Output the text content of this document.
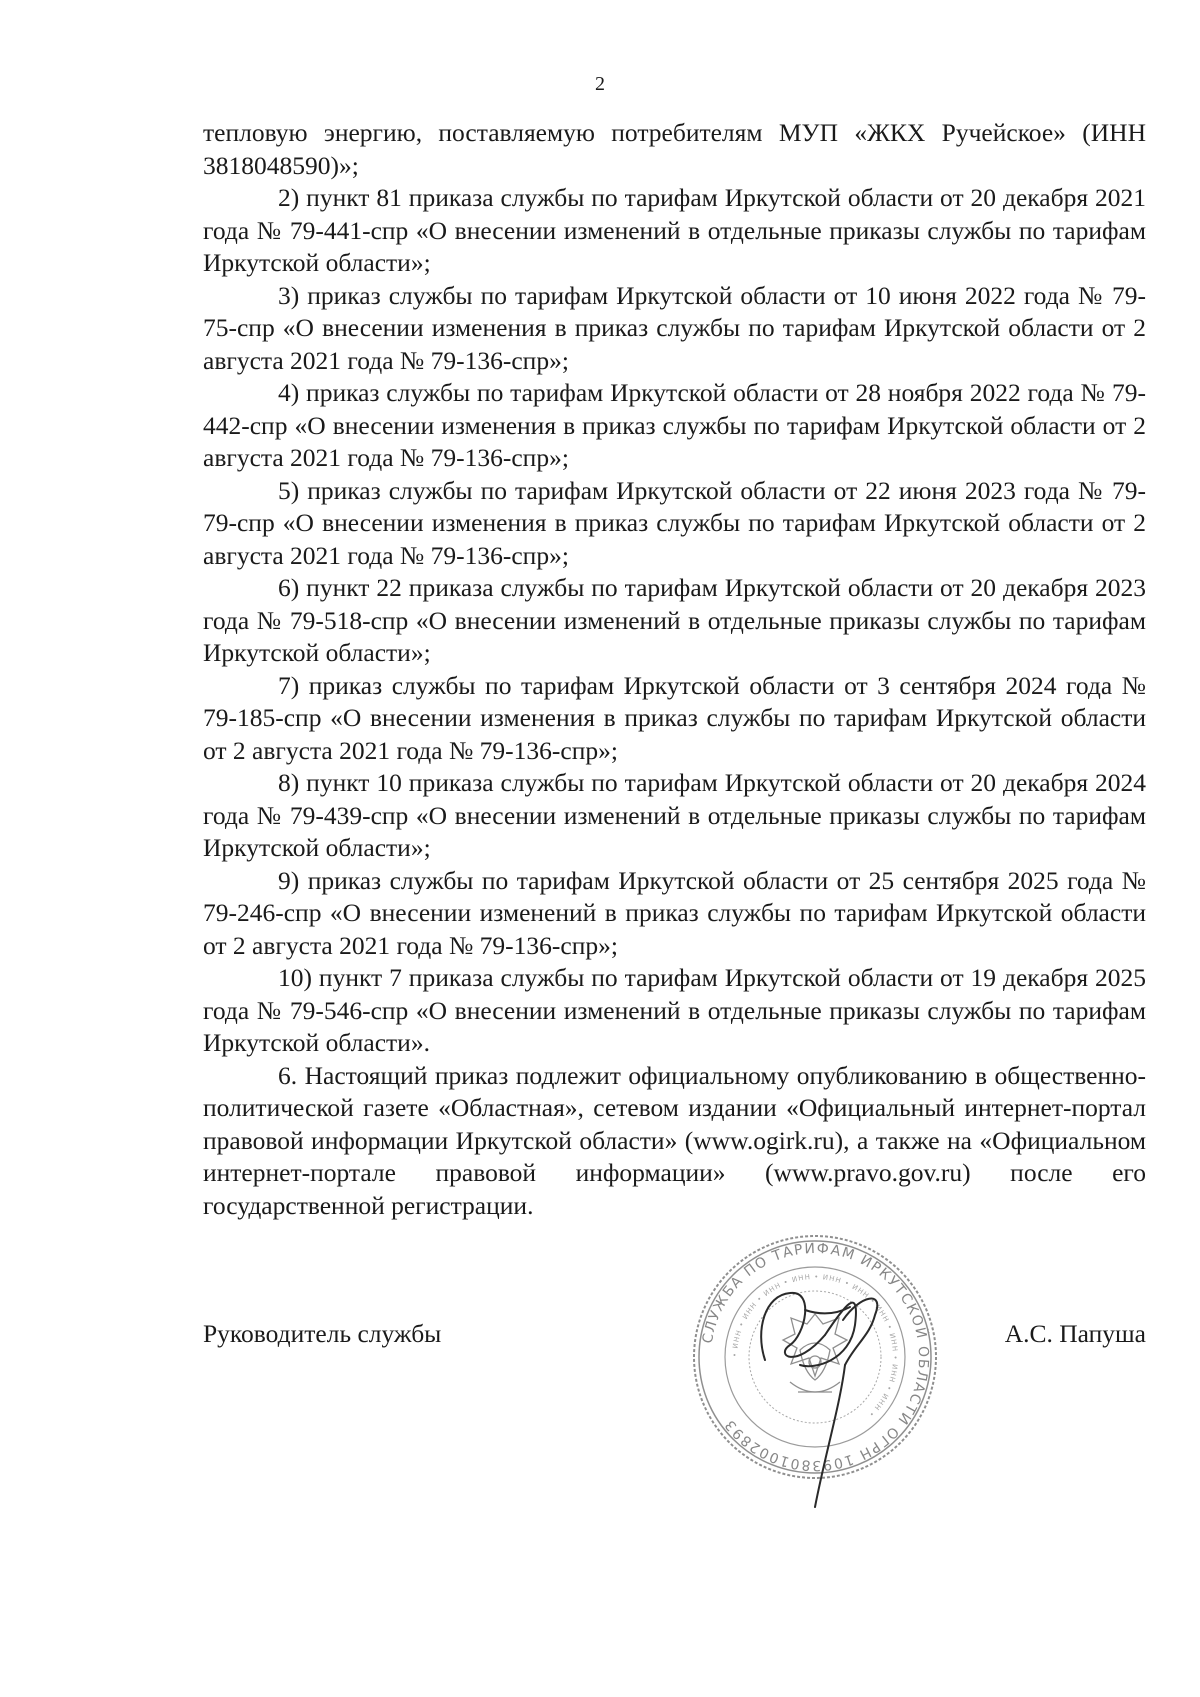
2

тепловую энергию, поставляемую потребителям МУП «ЖКХ Ручейское» (ИНН 3818048590)»;

2) пункт 81 приказа службы по тарифам Иркутской области от 20 декабря 2021 года № 79-441-спр «О внесении изменений в отдельные приказы службы по тарифам Иркутской области»;

3) приказ службы по тарифам Иркутской области от 10 июня 2022 года № 79-75-спр «О внесении изменения в приказ службы по тарифам Иркутской области от 2 августа 2021 года № 79-136-спр»;

4) приказ службы по тарифам Иркутской области от 28 ноября 2022 года № 79-442-спр «О внесении изменения в приказ службы по тарифам Иркутской области от 2 августа 2021 года № 79-136-спр»;

5) приказ службы по тарифам Иркутской области от 22 июня 2023 года № 79-79-спр «О внесении изменения в приказ службы по тарифам Иркутской области от 2 августа 2021 года № 79-136-спр»;

6) пункт 22 приказа службы по тарифам Иркутской области от 20 декабря 2023 года № 79-518-спр «О внесении изменений в отдельные приказы службы по тарифам Иркутской области»;

7) приказ службы по тарифам Иркутской области от 3 сентября 2024 года № 79-185-спр «О внесении изменения в приказ службы по тарифам Иркутской области от 2 августа 2021 года № 79-136-спр»;

8) пункт 10 приказа службы по тарифам Иркутской области от 20 декабря 2024 года № 79-439-спр «О внесении изменений в отдельные приказы службы по тарифам Иркутской области»;

9) приказ службы по тарифам Иркутской области от 25 сентября 2025 года № 79-246-спр «О внесении изменений в приказ службы по тарифам Иркутской области от 2 августа 2021 года № 79-136-спр»;

10) пункт 7 приказа службы по тарифам Иркутской области от 19 декабря 2025 года № 79-546-спр «О внесении изменений в отдельные приказы службы по тарифам Иркутской области».

6. Настоящий приказ подлежит официальному опубликованию в общественно-политической газете «Областная», сетевом издании «Официальный интернет-портал правовой информации Иркутской области» (www.ogirk.ru), а также на «Официальном интернет-портале правовой информации» (www.pravo.gov.ru) после его государственной регистрации.

Руководитель службы	А.С. Папуша
СЛУЖБА ПО ТАРИФАМ ИРКУТСКОЙ ОБЛАСТИ ОГРН 1093801002893
• ИНН • ИНН • ИНН • ИНН • ИНН • ИНН • ИНН • ИНН • ИНН • ИНН •
